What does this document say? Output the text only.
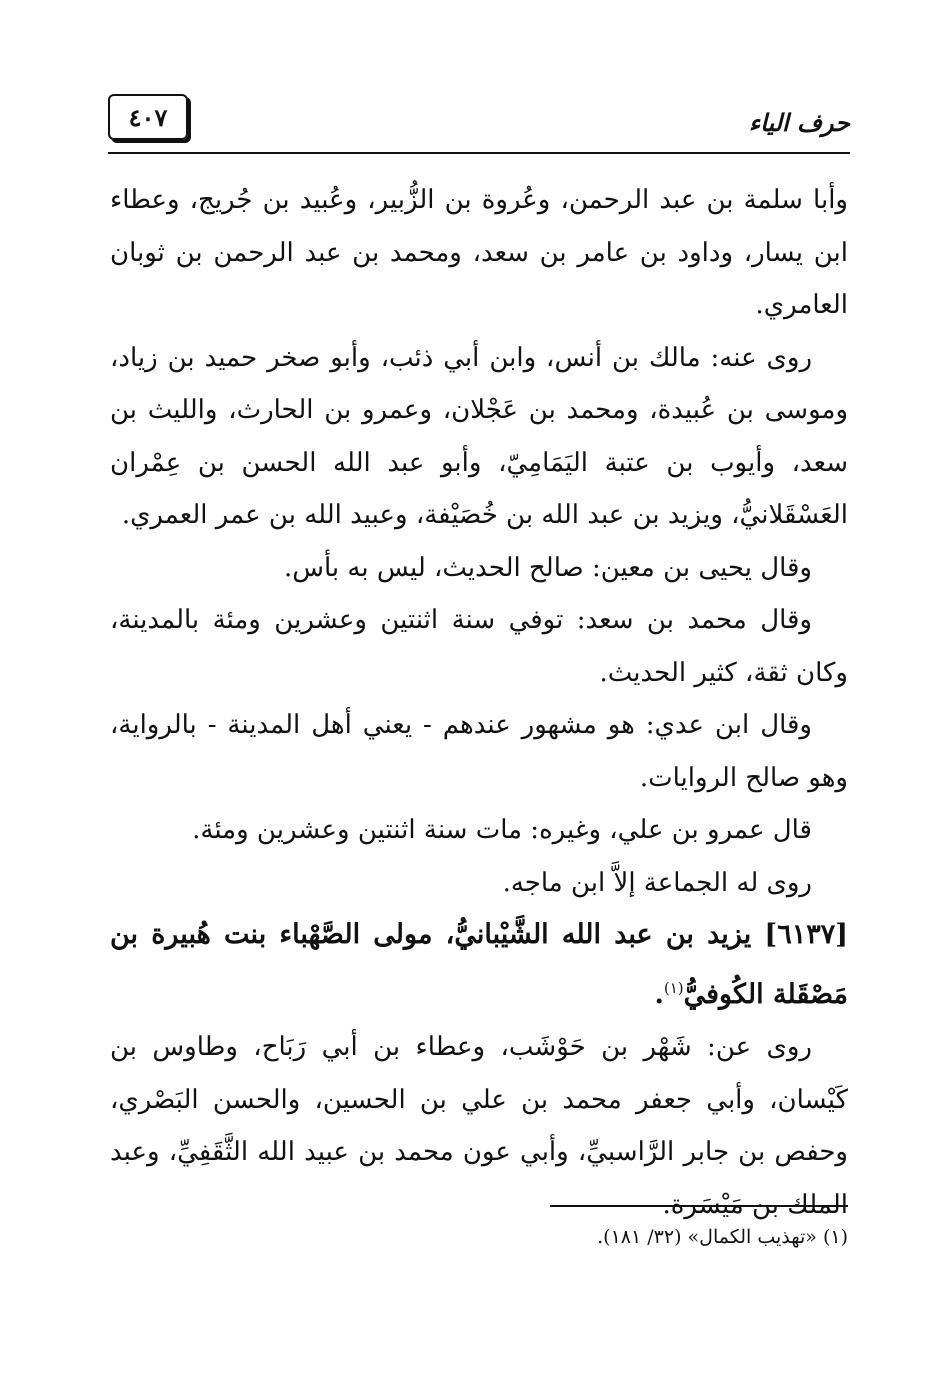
٤٠٧	حرف الياء

وأبا سلمة بن عبد الرحمن، وعُروة بن الزُّبير، وعُبيد بن جُريج، وعطاء ابن يسار، وداود بن عامر بن سعد، ومحمد بن عبد الرحمن بن ثوبان العامري.

روى عنه: مالك بن أنس، وابن أبي ذئب، وأبو صخر حميد بن زياد، وموسى بن عُبيدة، ومحمد بن عَجْلان، وعمرو بن الحارث، والليث بن سعد، وأيوب بن عتبة اليَمَامِيّ، وأبو عبد الله الحسن بن عِمْران العَسْقَلانيُّ، ويزيد بن عبد الله بن خُصَيْفة، وعبيد الله بن عمر العمري.

وقال يحيى بن معين: صالح الحديث، ليس به بأس.

وقال محمد بن سعد: توفي سنة اثنتين وعشرين ومئة بالمدينة، وكان ثقة، كثير الحديث.

وقال ابن عدي: هو مشهور عندهم - يعني أهل المدينة - بالرواية، وهو صالح الروايات.

قال عمرو بن علي، وغيره: مات سنة اثنتين وعشرين ومئة.

روى له الجماعة إلاَّ ابن ماجه.

[٦١٣٧] يزيد بن عبد الله الشَّيْبانيُّ، مولى الصَّهْباء بنت هُبيرة بن مَصْقَلة الكُوفيُّ$^{(١)}$.

روى عن: شَهْر بن حَوْشَب، وعطاء بن أبي رَبَاح، وطاوس بن كَيْسان، وأبي جعفر محمد بن علي بن الحسين، والحسن البَصْري، وحفص بن جابر الرَّاسبيِّ، وأبي عون محمد بن عبيد الله الثَّقَفِيِّ، وعبد الملك بن مَيْسَرة.

(١) «تهذيب الكمال» (٣٢/ ١٨١).
